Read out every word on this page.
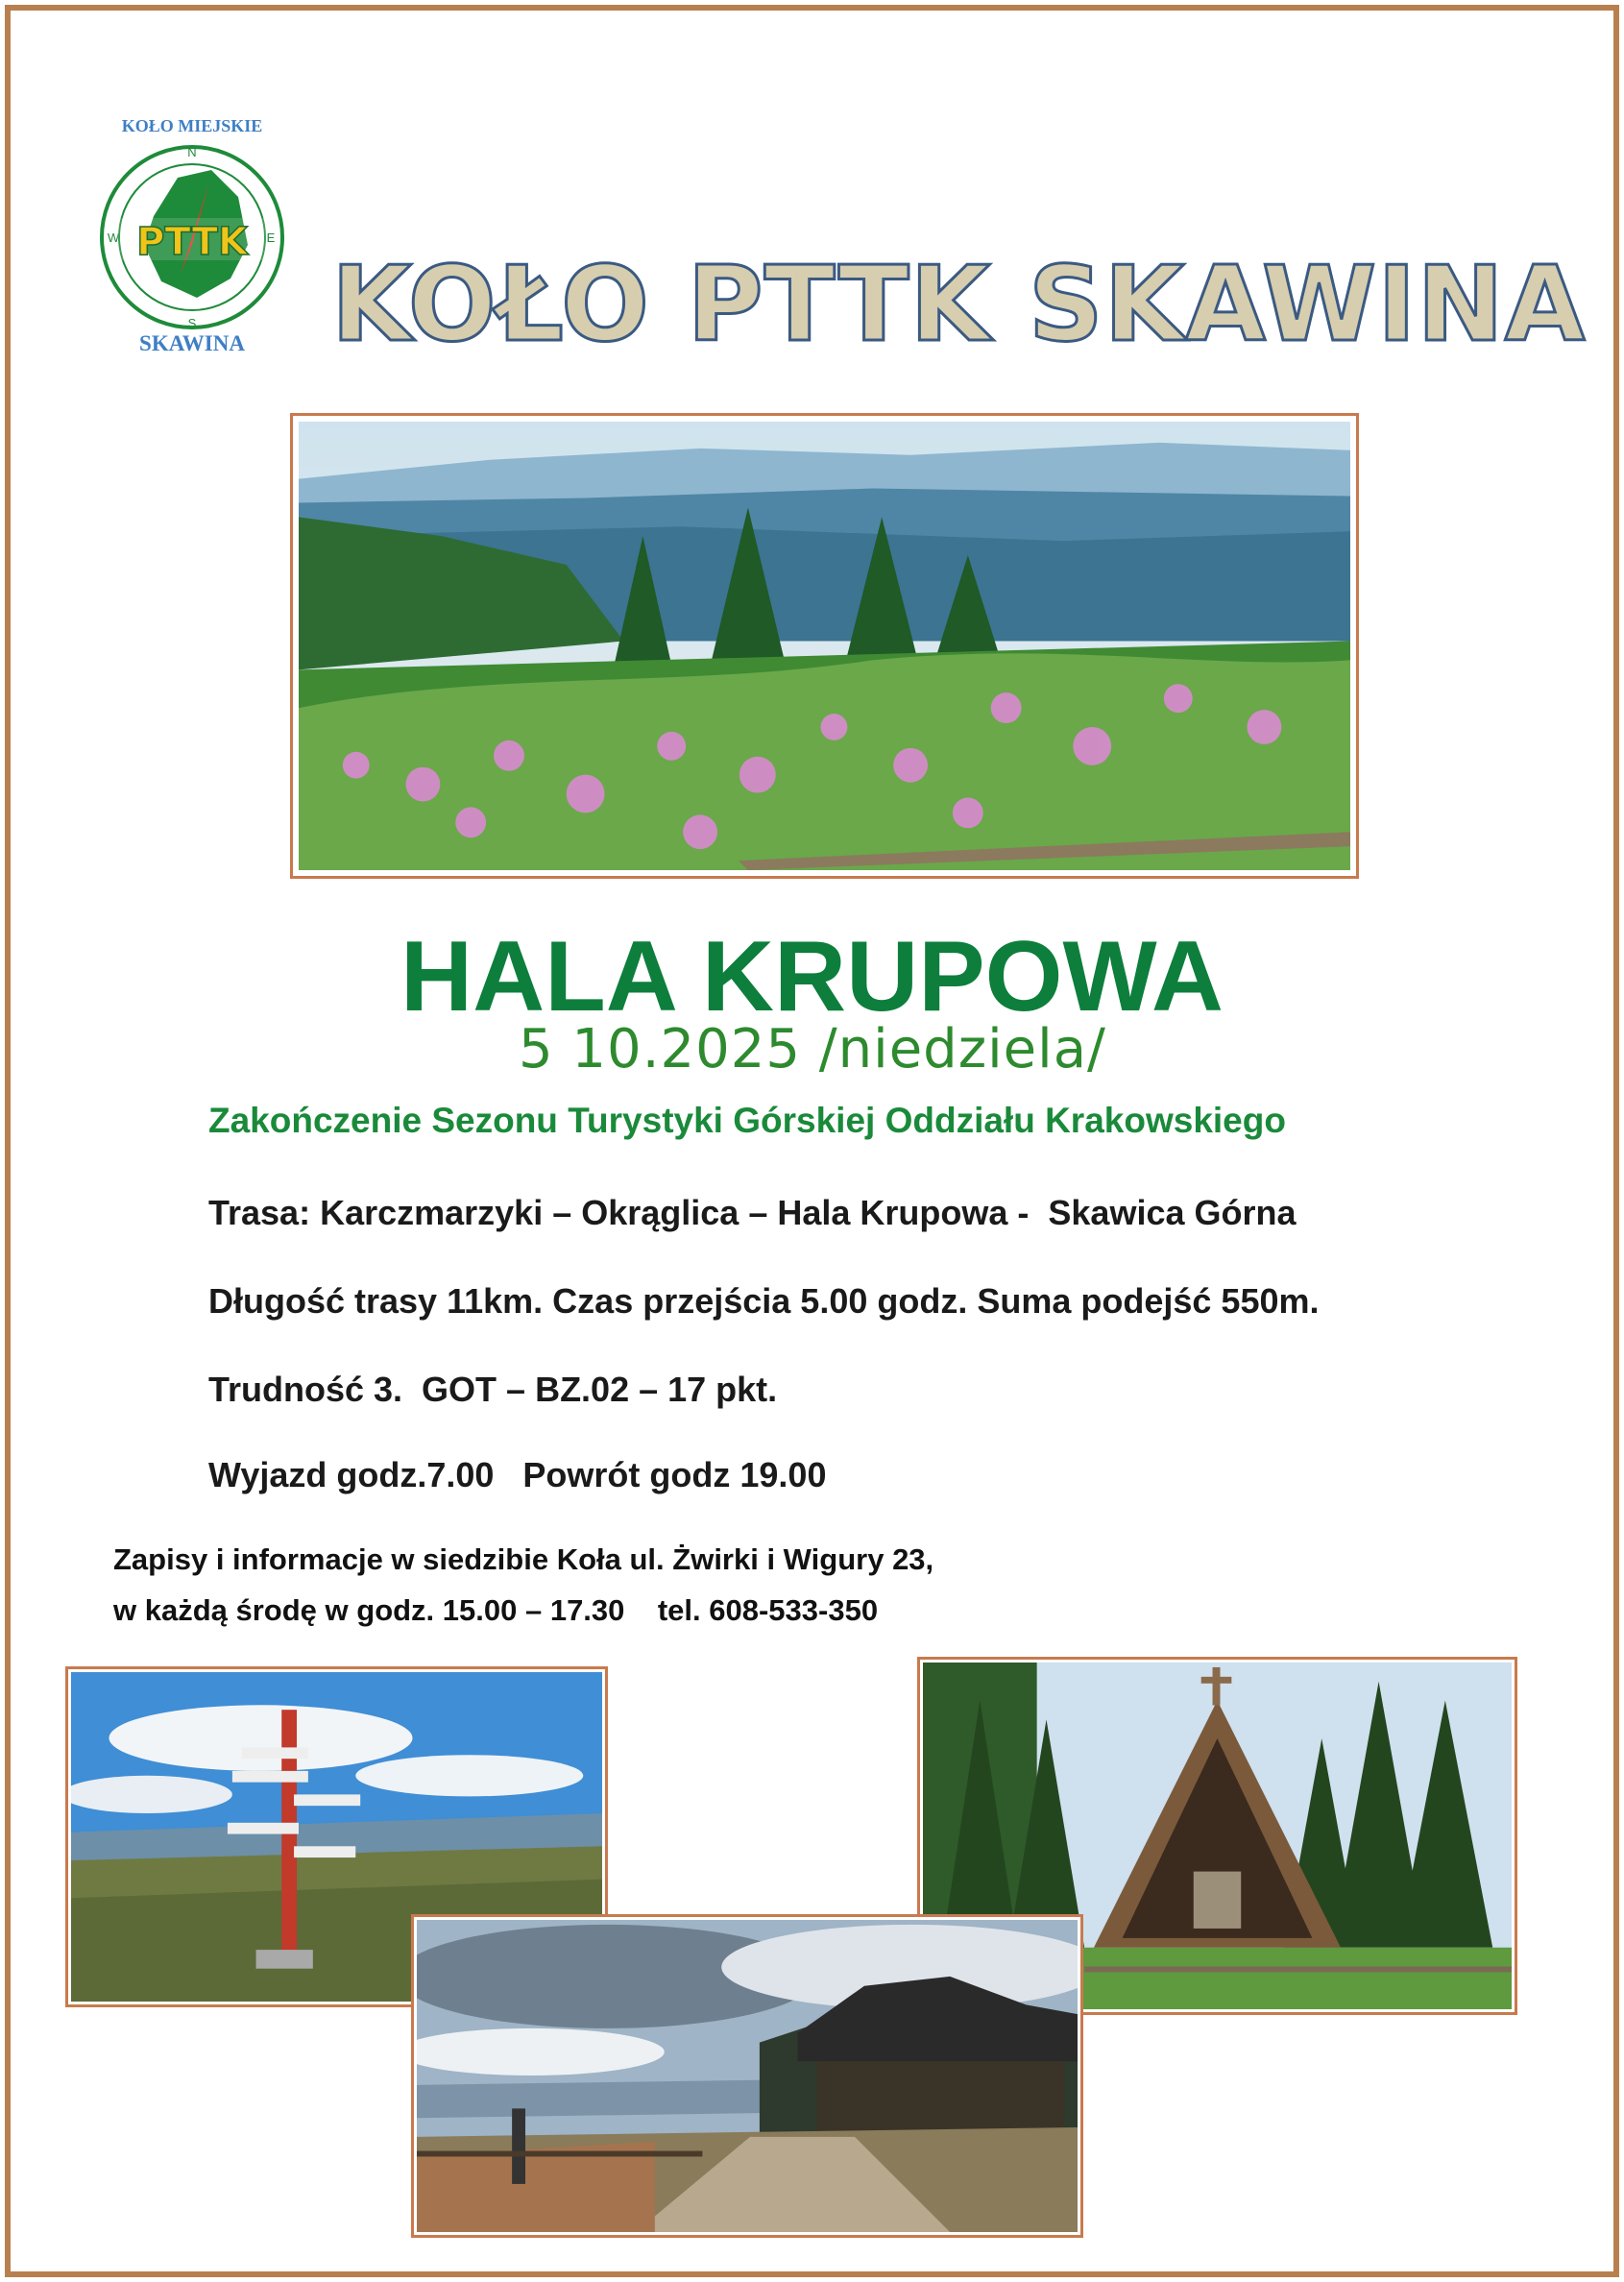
KOŁO MIEJSKIE
N
S
E
W PTTK
SKAWINA KOŁO PTTK SKAWINA
HALA KRUPOWA
5 10.2025 /niedziela/
Zakończenie Sezonu Turystyki Górskiej Oddziału Krakowskiego
Trasa: Karczmarzyki – Okrąglica – Hala Krupowa -  Skawica Górna
Długość trasy 11km. Czas przejścia 5.00 godz. Suma podejść 550m.
Trudność 3.  GOT – BZ.02 – 17 pkt.
Wyjazd godz.7.00   Powrót godz 19.00
Zapisy i informacje w siedzibie Koła ul. Żwirki i Wigury 23,
w każdą środę w godz. 15.00 – 17.30    tel. 608-533-350
